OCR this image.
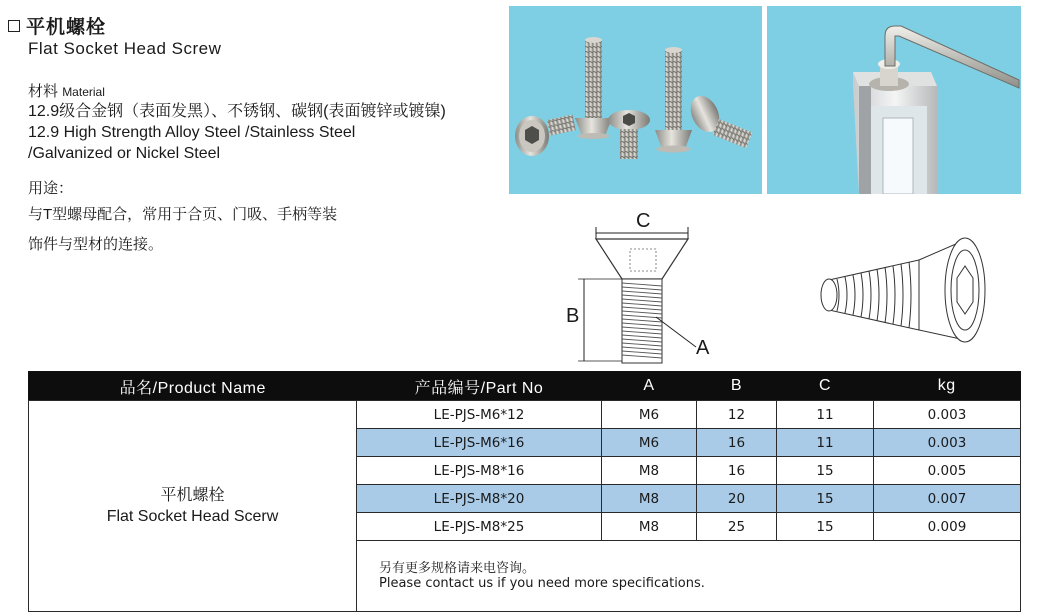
平机螺栓
Flat Socket Head Screw
材料 Material
12.9级合金钢（表面发黑）、不锈钢、碳钢(表面镀锌或镀镍)
12.9 High Strength Alloy Steel /Stainless Steel
/Galvanized or Nickel Steel
用途：
与T型螺母配合，常用于合页、门吸、手柄等装
饰件与型材的连接。
C
B
A
品名/Product Name	产品编号/Part No	A	B	C	kg

平机螺栓
Flat Socket Head Scerw	LE-PJS-M6*12	M6	12	11	0.003
	LE-PJS-M6*16	M6	16	11	0.003
	LE-PJS-M8*16	M8	16	15	0.005
	LE-PJS-M8*20	M8	20	15	0.007
	LE-PJS-M8*25	M8	25	15	0.009

	另有更多规格请来电咨询。
Please contact us if you need more specifications.				
